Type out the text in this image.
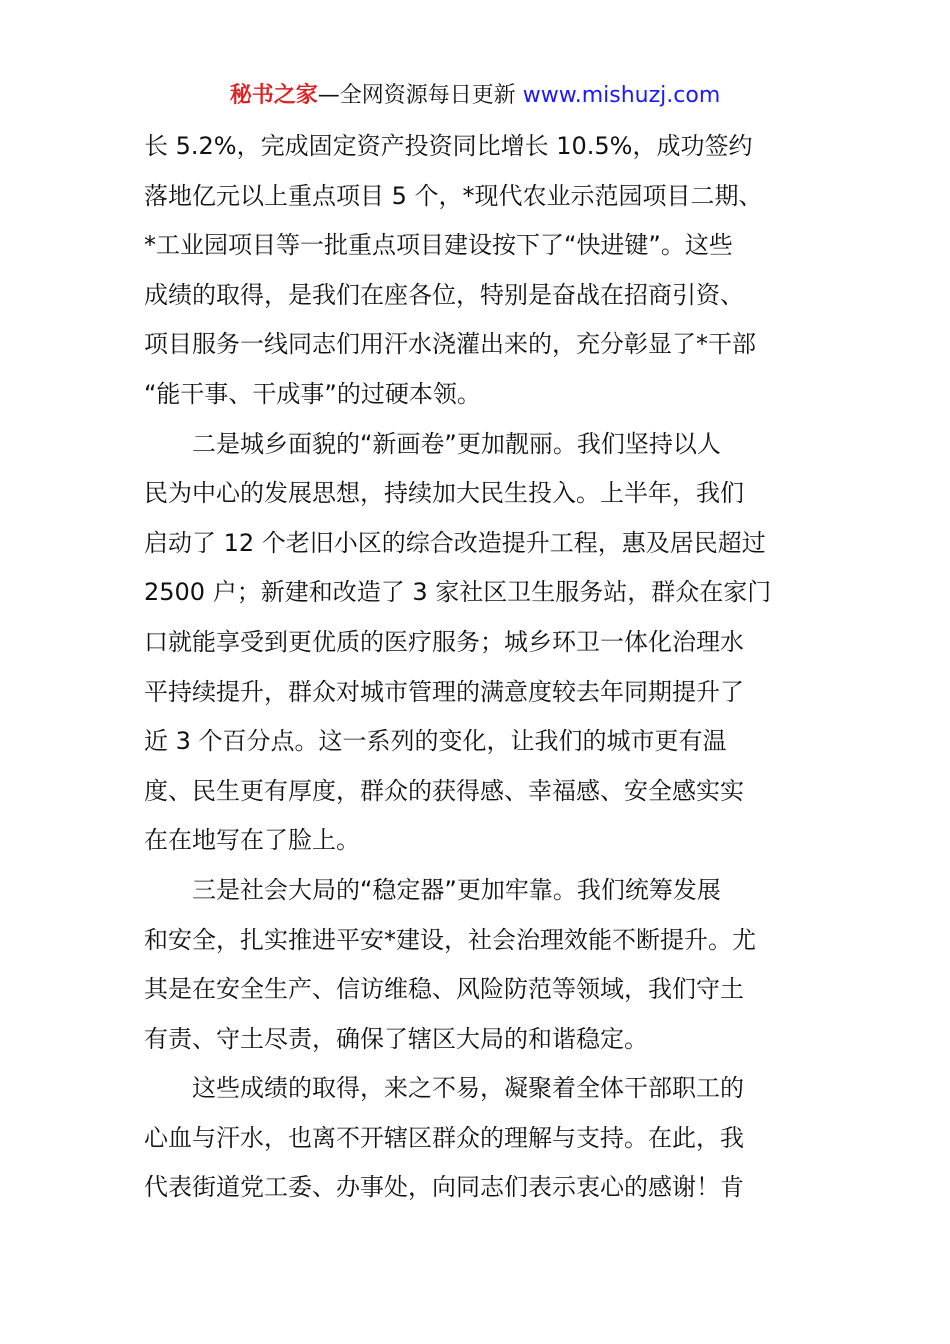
秘书之家—全网资源每日更新 www.mishuzj.com
长 5.2%，完成固定资产投资同比增长 10.5%，成功签约
落地亿元以上重点项目 5 个，*现代农业示范园项目二期、
*工业园项目等一批重点项目建设按下了“快进键”。这些
成绩的取得，是我们在座各位，特别是奋战在招商引资、
项目服务一线同志们用汗水浇灌出来的，充分彰显了*干部
“能干事、干成事”的过硬本领。
　　二是城乡面貌的“新画卷”更加靓丽。我们坚持以人
民为中心的发展思想，持续加大民生投入。上半年，我们
启动了 12 个老旧小区的综合改造提升工程，惠及居民超过
2500 户；新建和改造了 3 家社区卫生服务站，群众在家门
口就能享受到更优质的医疗服务；城乡环卫一体化治理水
平持续提升，群众对城市管理的满意度较去年同期提升了
近 3 个百分点。这一系列的变化，让我们的城市更有温
度、民生更有厚度，群众的获得感、幸福感、安全感实实
在在地写在了脸上。
　　三是社会大局的“稳定器”更加牢靠。我们统筹发展
和安全，扎实推进平安*建设，社会治理效能不断提升。尤
其是在安全生产、信访维稳、风险防范等领域，我们守土
有责、守土尽责，确保了辖区大局的和谐稳定。
　　这些成绩的取得，来之不易，凝聚着全体干部职工的
心血与汗水，也离不开辖区群众的理解与支持。在此，我
代表街道党工委、办事处，向同志们表示衷心的感谢！肯
